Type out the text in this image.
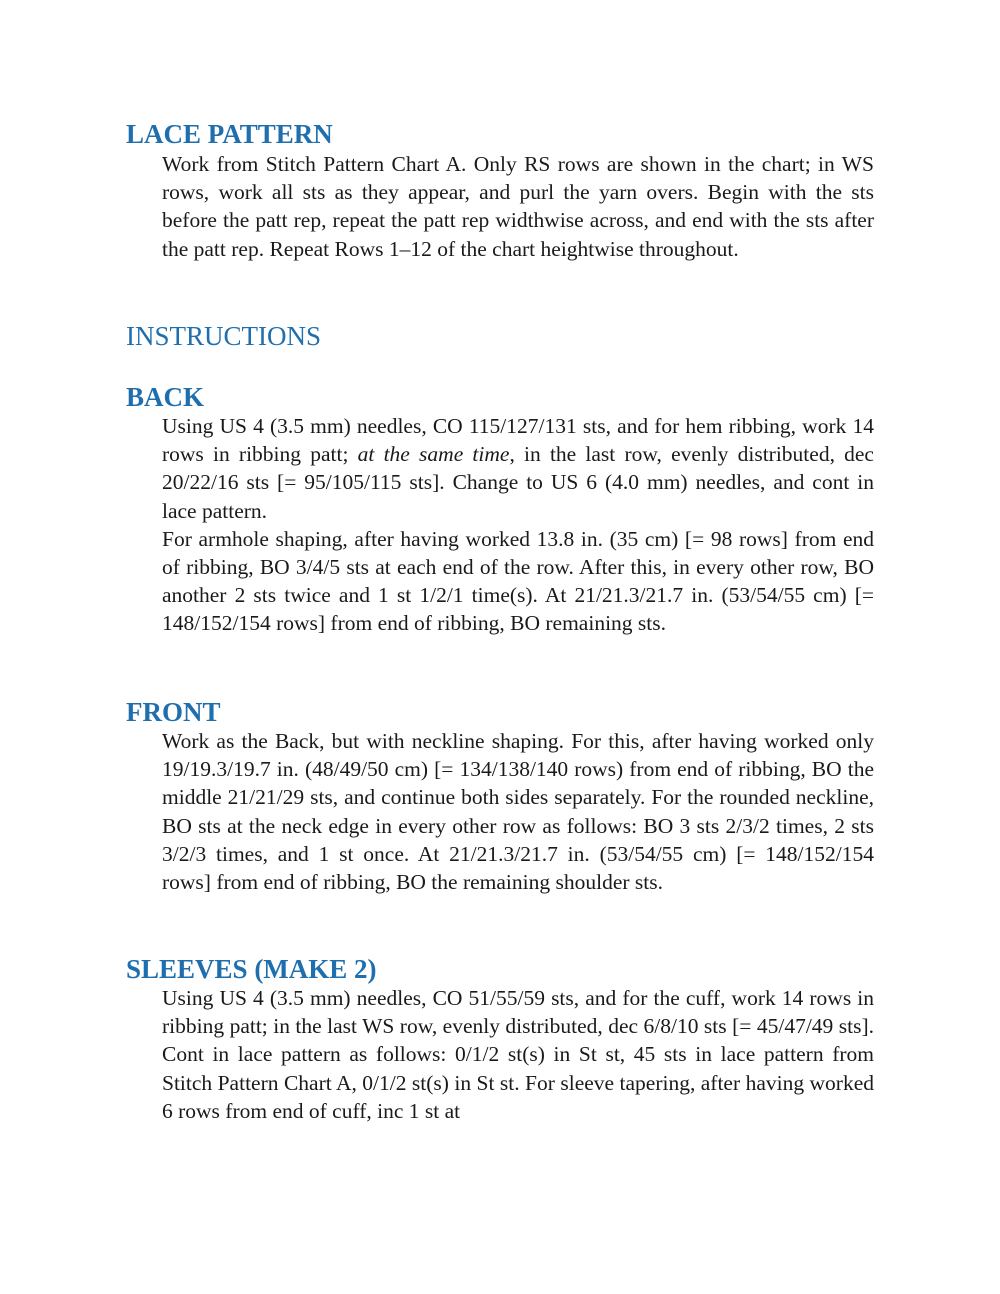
LACE PATTERN

Work from Stitch Pattern Chart A. Only RS rows are shown in the chart; in WS rows, work all sts as they appear, and purl the yarn overs. Begin with the sts before the patt rep, repeat the patt rep widthwise across, and end with the sts after the patt rep. Repeat Rows 1–12 of the chart heightwise throughout.

INSTRUCTIONS
BACK

Using US 4 (3.5 mm) needles, CO 115/127/131 sts, and for hem ribbing, work 14 rows in ribbing patt; at the same time, in the last row, evenly distributed, dec 20/22/16 sts [= 95/105/115 sts]. Change to US 6 (4.0 mm) needles, and cont in lace pattern.

For armhole shaping, after having worked 13.8 in. (35 cm) [= 98 rows] from end of ribbing, BO 3/4/5 sts at each end of the row. After this, in every other row, BO another 2 sts twice and 1 st 1/2/1 time(s). At 21/21.3/21.7 in. (53/54/55 cm) [= 148/152/154 rows] from end of ribbing, BO remaining sts.

FRONT

Work as the Back, but with neckline shaping. For this, after having worked only 19/19.3/19.7 in. (48/49/50 cm) [= 134/138/140 rows) from end of ribbing, BO the middle 21/21/29 sts, and continue both sides separately. For the rounded neckline, BO sts at the neck edge in every other row as follows: BO 3 sts 2/3/2 times, 2 sts 3/2/3 times, and 1 st once. At 21/21.3/21.7 in. (53/54/55 cm) [= 148/152/154 rows] from end of ribbing, BO the remaining shoulder sts.

SLEEVES (MAKE 2)

Using US 4 (3.5 mm) needles, CO 51/55/59 sts, and for the cuff, work 14 rows in ribbing patt; in the last WS row, evenly distributed, dec 6/8/10 sts [= 45/47/49 sts]. Cont in lace pattern as follows: 0/1/2 st(s) in St st, 45 sts in lace pattern from Stitch Pattern Chart A, 0/1/2 st(s) in St st. For sleeve tapering, after having worked 6 rows from end of cuff, inc 1 st at
